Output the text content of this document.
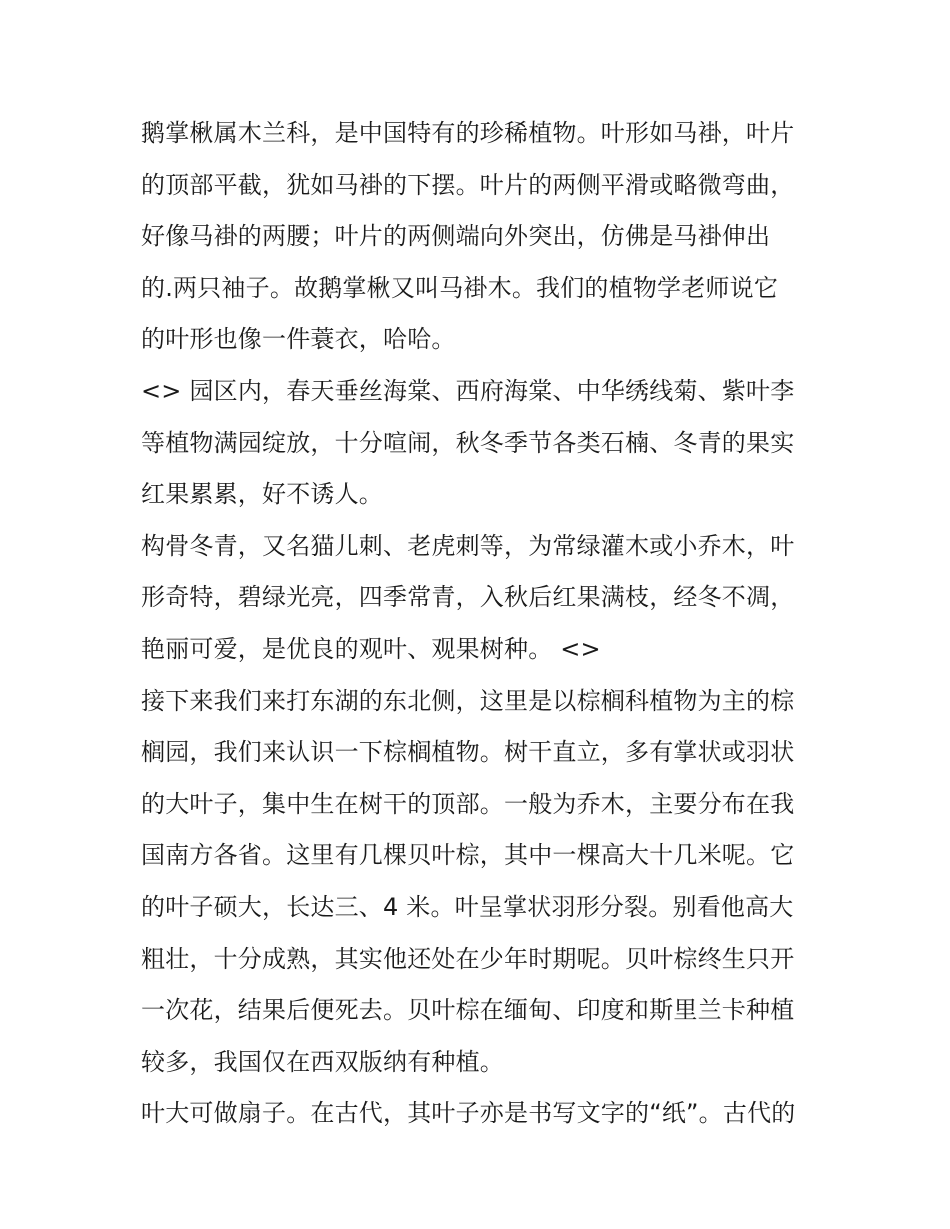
鹅掌楸属木兰科，是中国特有的珍稀植物。叶形如马褂，叶片
的顶部平截，犹如马褂的下摆。叶片的两侧平滑或略微弯曲，
好像马褂的两腰；叶片的两侧端向外突出，仿佛是马褂伸出
的.两只袖子。故鹅掌楸又叫马褂木。我们的植物学老师说它
的叶形也像一件蓑衣，哈哈。
<> 园区内，春天垂丝海棠、西府海棠、中华绣线菊、紫叶李
等植物满园绽放，十分喧闹，秋冬季节各类石楠、冬青的果实
红果累累，好不诱人。
构骨冬青，又名猫儿刺、老虎刺等，为常绿灌木或小乔木，叶
形奇特，碧绿光亮，四季常青，入秋后红果满枝，经冬不凋，
艳丽可爱，是优良的观叶、观果树种。 <>
接下来我们来打东湖的东北侧，这里是以棕榈科植物为主的棕
榈园，我们来认识一下棕榈植物。树干直立，多有掌状或羽状
的大叶子，集中生在树干的顶部。一般为乔木，主要分布在我
国南方各省。这里有几棵贝叶棕，其中一棵高大十几米呢。它
的叶子硕大，长达三、4 米。叶呈掌状羽形分裂。别看他高大
粗壮，十分成熟，其实他还处在少年时期呢。贝叶棕终生只开
一次花，结果后便死去。贝叶棕在缅甸、印度和斯里兰卡种植
较多，我国仅在西双版纳有种植。
叶大可做扇子。在古代，其叶子亦是书写文字的“纸”。古代的
